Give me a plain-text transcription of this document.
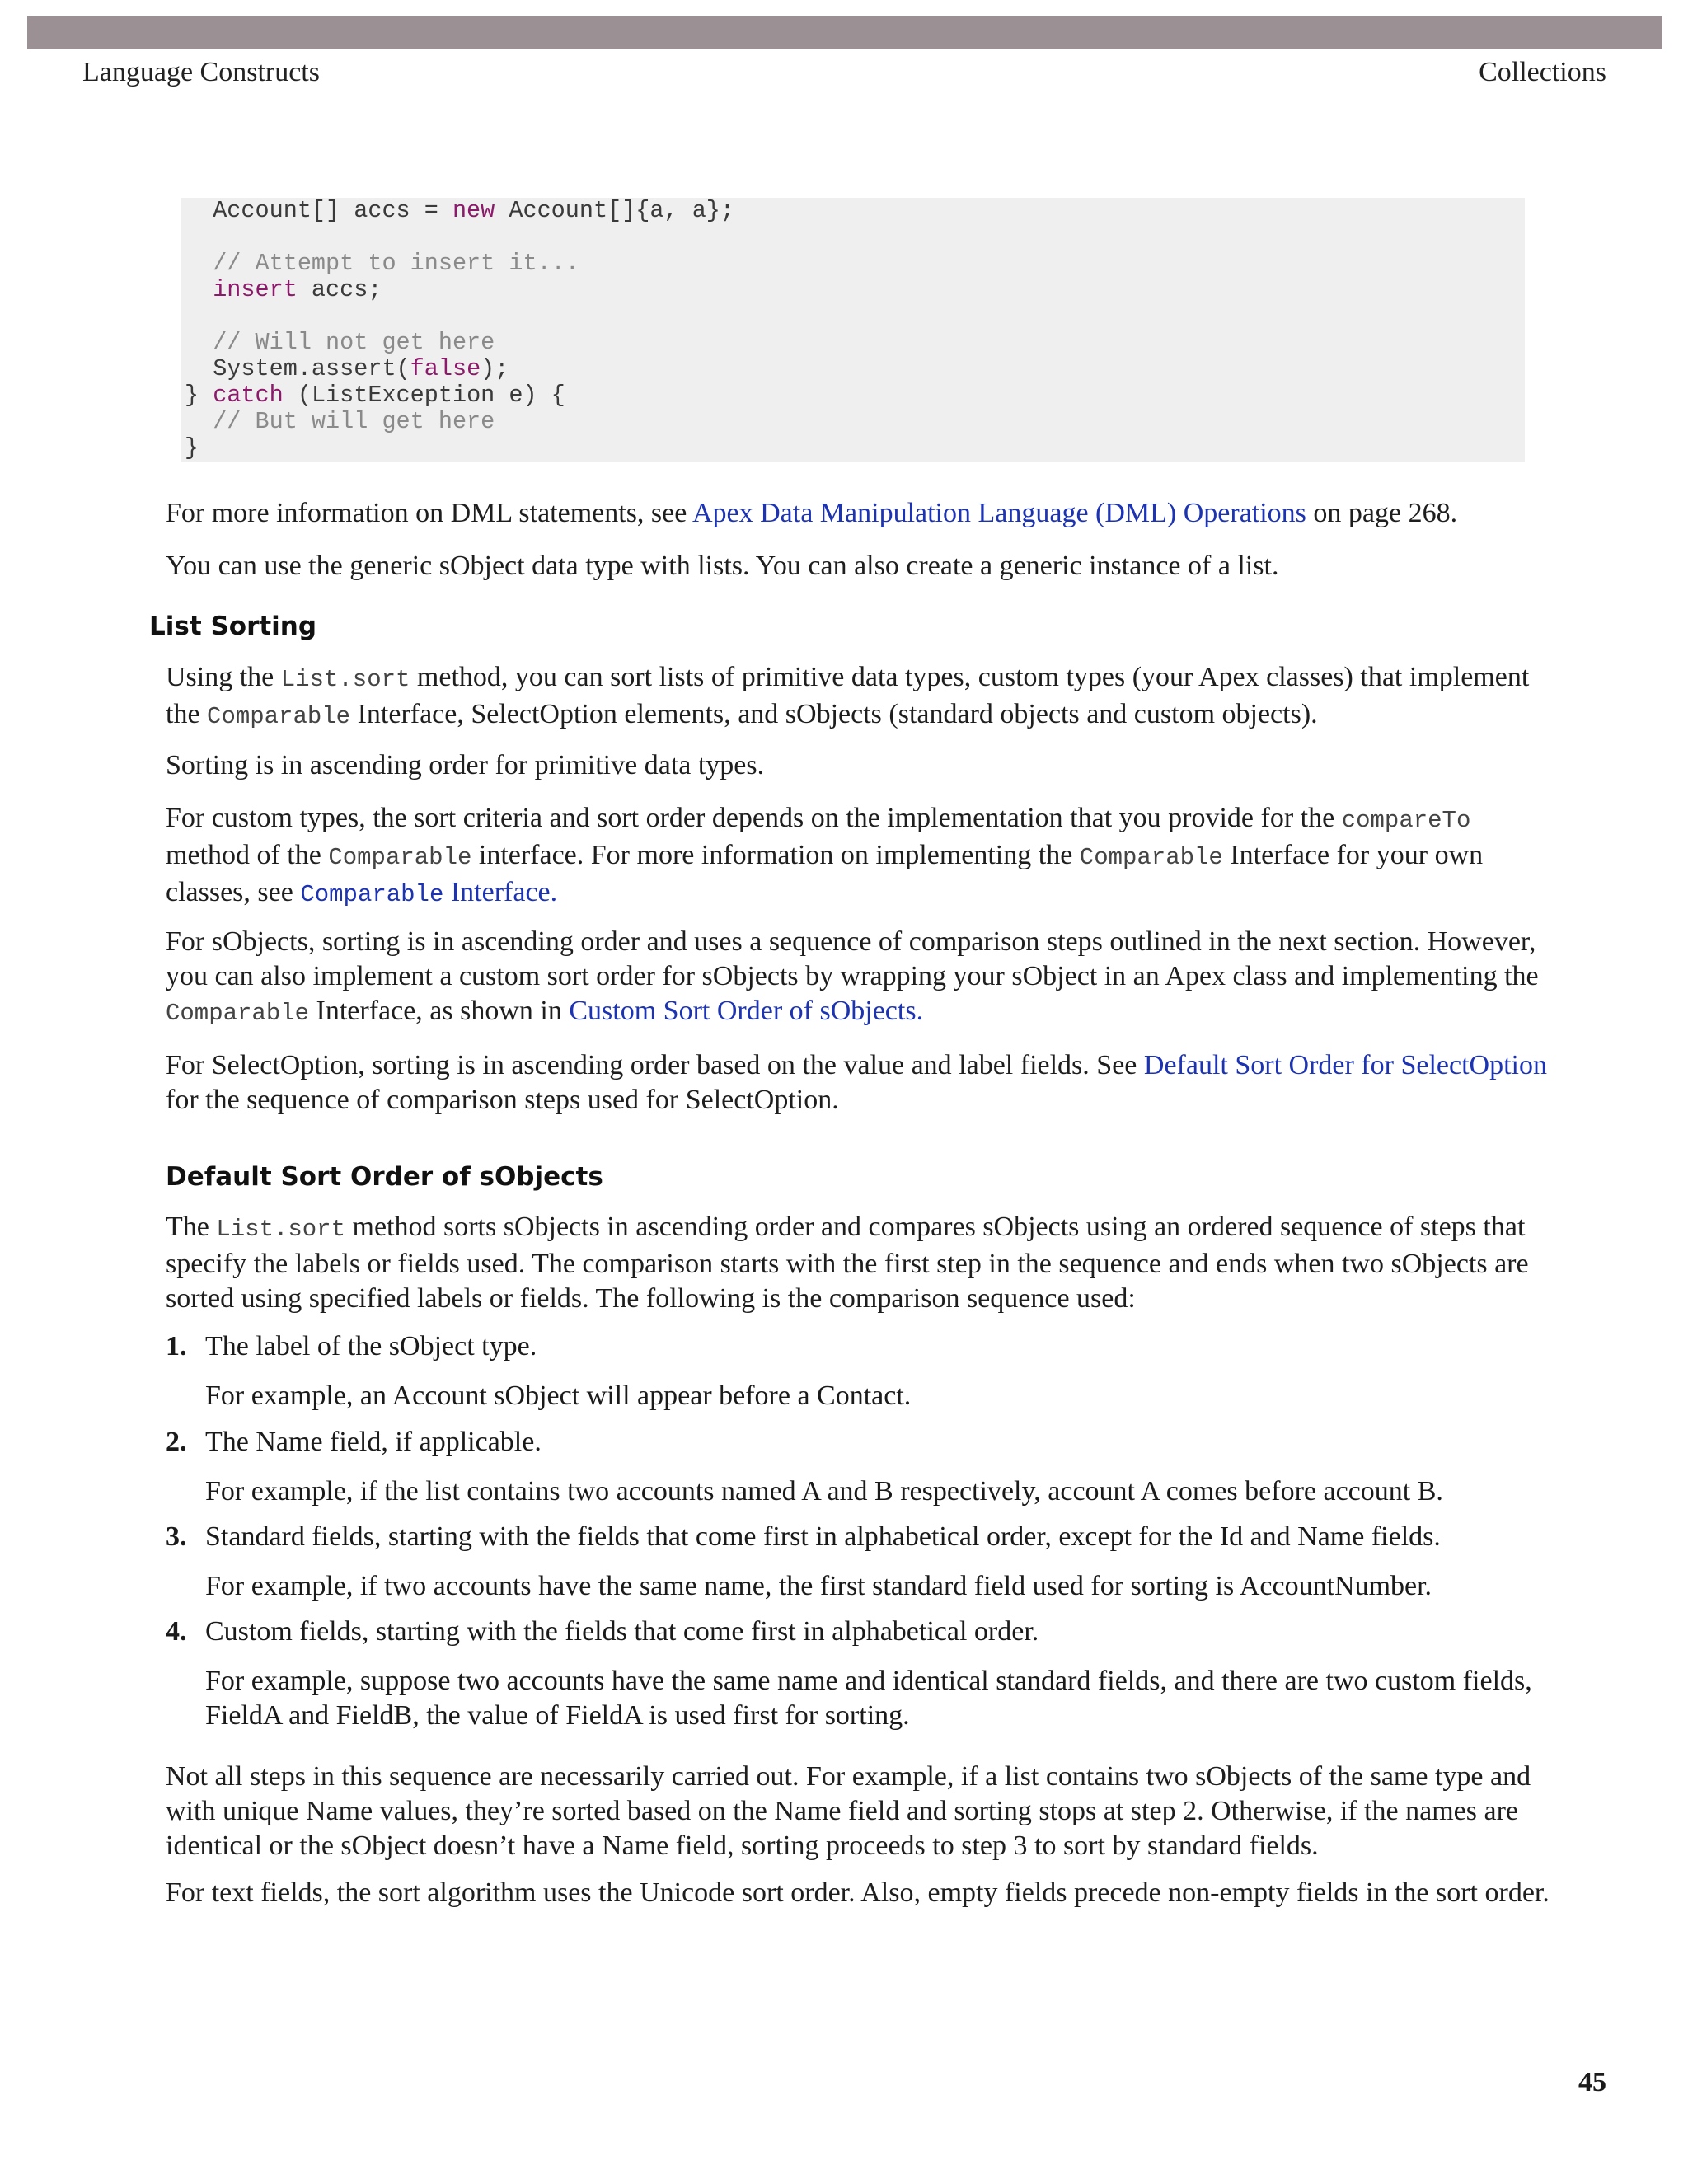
Language Constructs	Collections
Account[] accs = new Account[]{a, a};

// Attempt to insert it...
insert accs;

// Will not get here
System.assert(false);
} catch (ListException e) {
// But will get here
}

For more information on DML statements, see Apex Data Manipulation Language (DML) Operations on page 268.

You can use the generic sObject data type with lists. You can also create a generic instance of a list.

List Sorting

Using the List.sort method, you can sort lists of primitive data types, custom types (your Apex classes) that implement the Comparable Interface, SelectOption elements, and sObjects (standard objects and custom objects).

Sorting is in ascending order for primitive data types.

For custom types, the sort criteria and sort order depends on the implementation that you provide for the compareTo method of the Comparable interface. For more information on implementing the Comparable Interface for your own classes, see Comparable Interface.

For sObjects, sorting is in ascending order and uses a sequence of comparison steps outlined in the next section. However, you can also implement a custom sort order for sObjects by wrapping your sObject in an Apex class and implementing the Comparable Interface, as shown in Custom Sort Order of sObjects.

For SelectOption, sorting is in ascending order based on the value and label fields. See Default Sort Order for SelectOption for the sequence of comparison steps used for SelectOption.

Default Sort Order of sObjects

The List.sort method sorts sObjects in ascending order and compares sObjects using an ordered sequence of steps that specify the labels or fields used. The comparison starts with the first step in the sequence and ends when two sObjects are sorted using specified labels or fields. The following is the comparison sequence used:

1. The label of the sObject type.

For example, an Account sObject will appear before a Contact.

2. The Name field, if applicable.

For example, if the list contains two accounts named A and B respectively, account A comes before account B.

3. Standard fields, starting with the fields that come first in alphabetical order, except for the Id and Name fields.

For example, if two accounts have the same name, the first standard field used for sorting is AccountNumber.

4. Custom fields, starting with the fields that come first in alphabetical order.

For example, suppose two accounts have the same name and identical standard fields, and there are two custom fields, FieldA and FieldB, the value of FieldA is used first for sorting.

Not all steps in this sequence are necessarily carried out. For example, if a list contains two sObjects of the same type and with unique Name values, they’re sorted based on the Name field and sorting stops at step 2. Otherwise, if the names are identical or the sObject doesn’t have a Name field, sorting proceeds to step 3 to sort by standard fields.

For text fields, the sort algorithm uses the Unicode sort order. Also, empty fields precede non-empty fields in the sort order.

45
